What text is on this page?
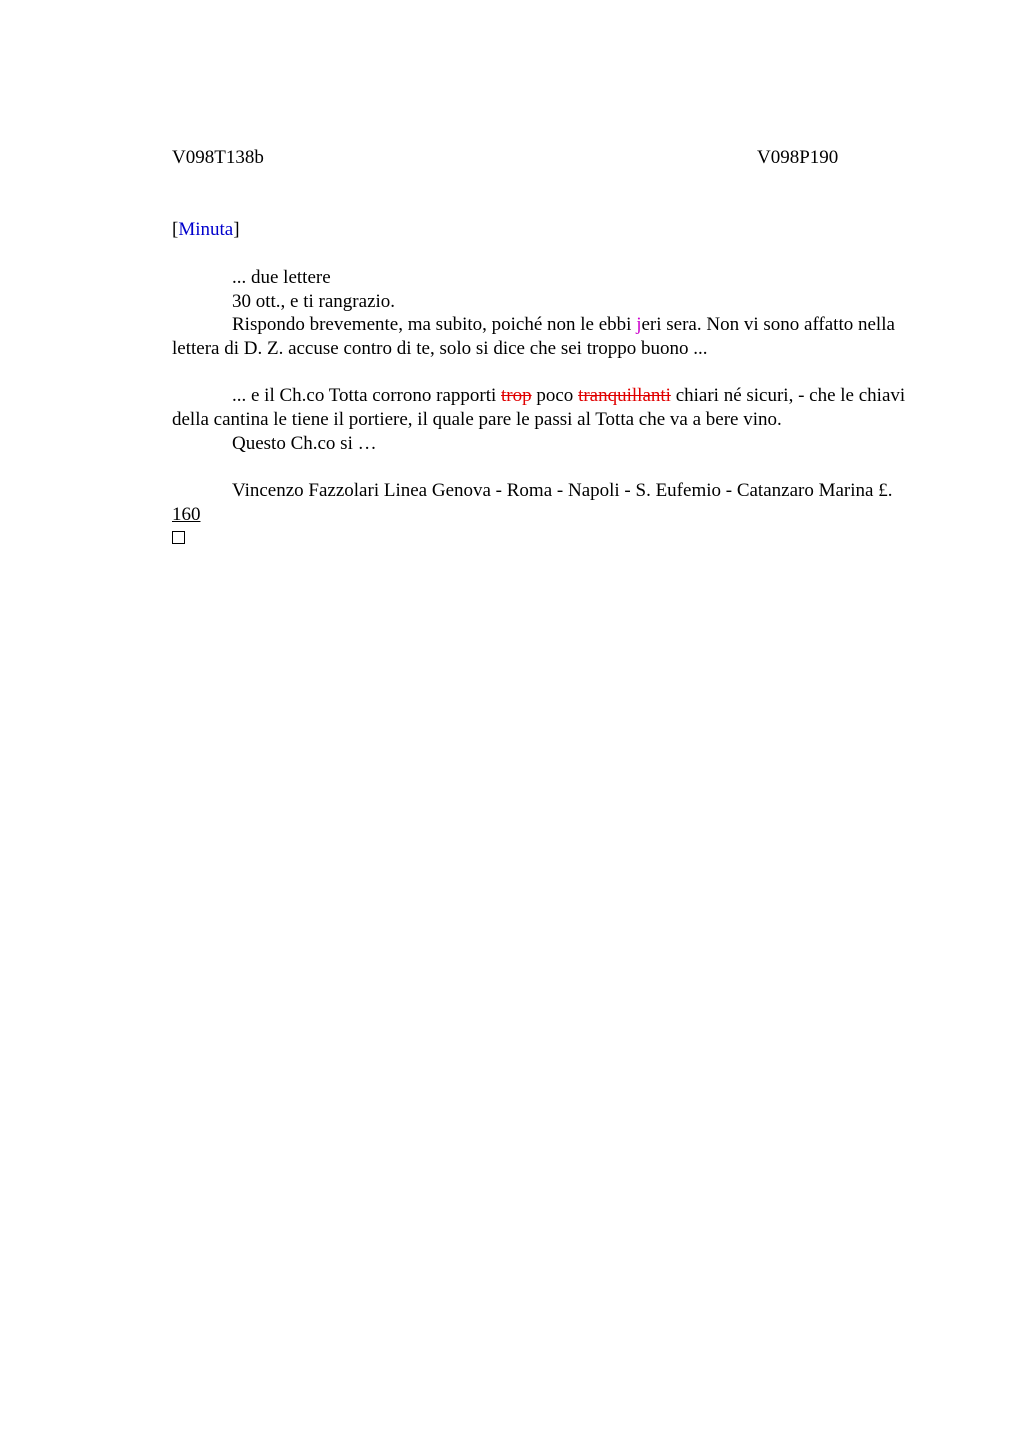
V098T138b	V098P190
[Minuta]

... due lettere

30 ott., e ti rangrazio.

Rispondo brevemente, ma subito, poiché non le ebbi jeri sera. Non vi sono affatto nella lettera di D. Z. accuse contro di te, solo si dice che sei troppo buono ...

... e il Ch.co Totta corrono rapporti trop poco tranquillanti chiari né sicuri, - che le chiavi della cantina le tiene il portiere, il quale pare le passi al Totta che va a bere vino.

Questo Ch.co si …

Vincenzo Fazzolari Linea Genova - Roma - Napoli - S. Eufemio - Catanzaro Marina £. 160
